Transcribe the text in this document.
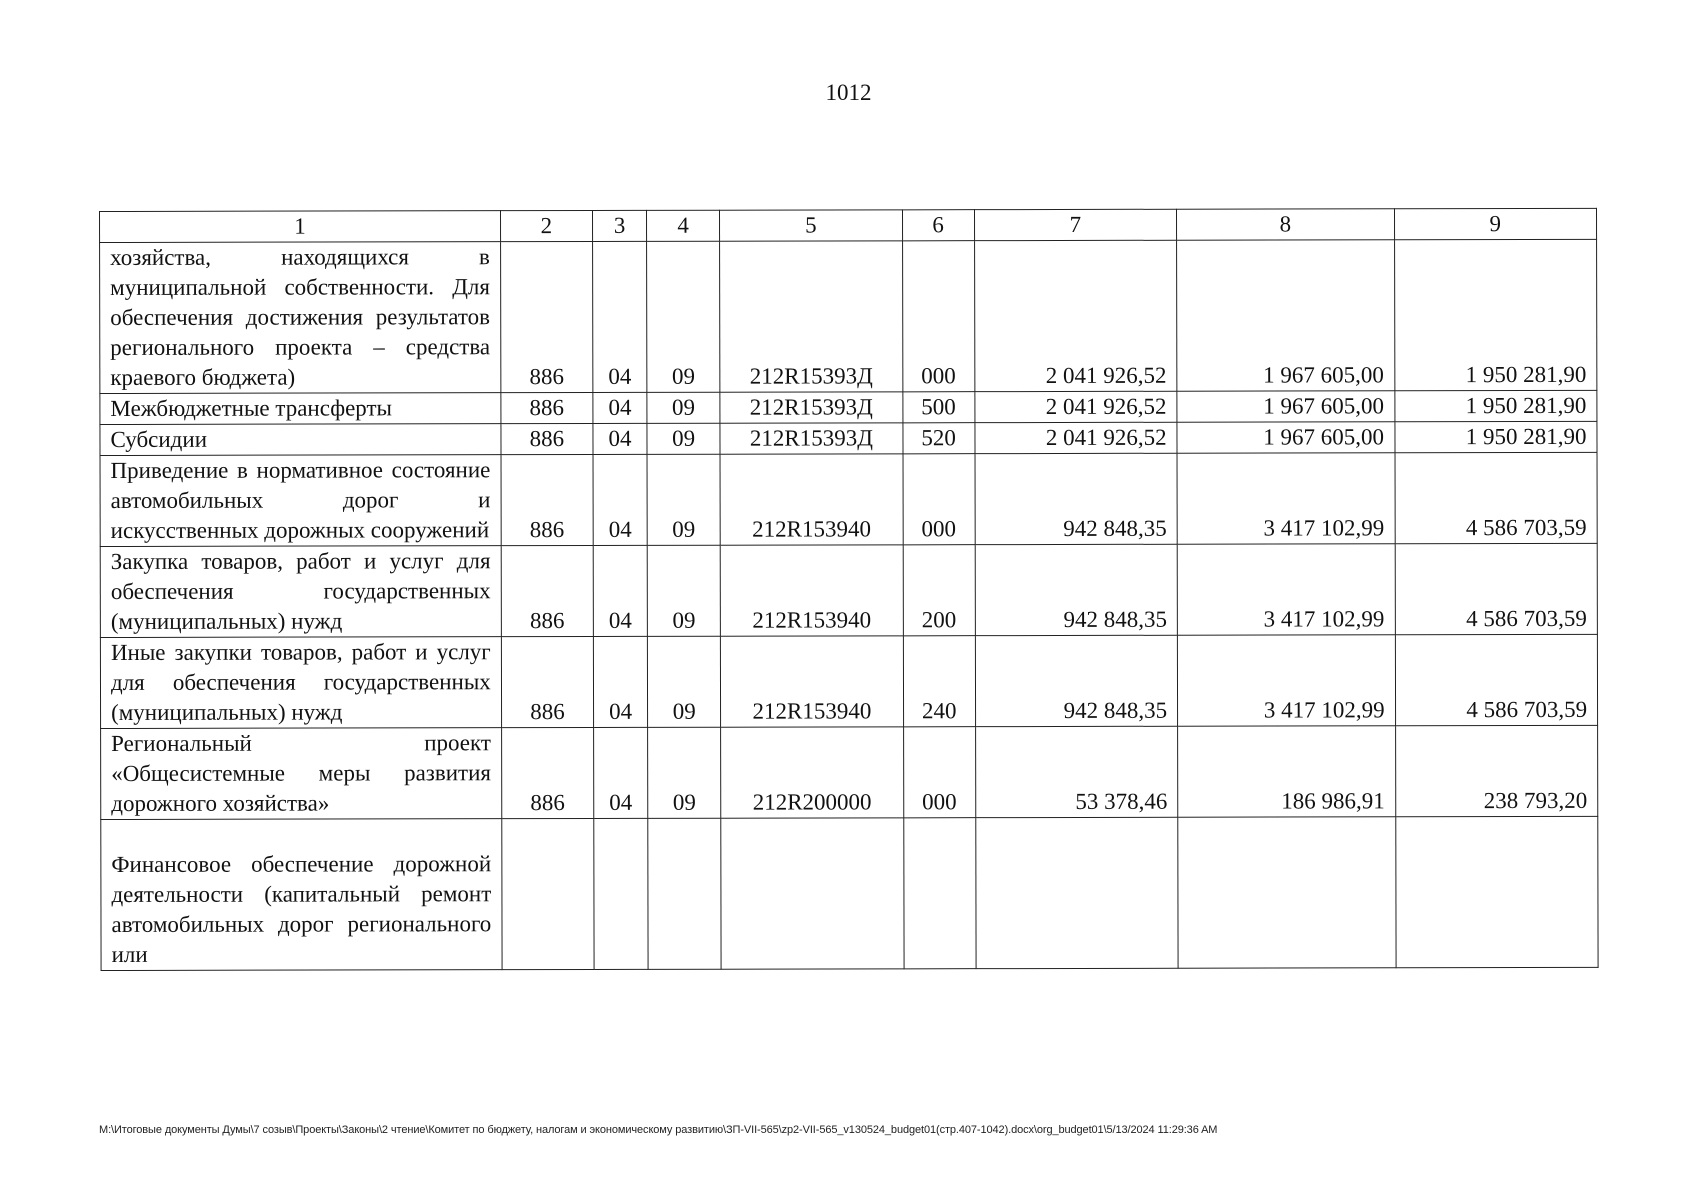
1012
1	2	3	4	5	6	7	8	9
хозяйства, находящихся в муниципальной собственности. Для обеспечения достижения результатов регионального проекта – средства краевого бюджета)	886	04	09	212R15393Д	000	2 041 926,52	1 967 605,00	1 950 281,90
Межбюджетные трансферты	886	04	09	212R15393Д	500	2 041 926,52	1 967 605,00	1 950 281,90
Субсидии	886	04	09	212R15393Д	520	2 041 926,52	1 967 605,00	1 950 281,90
Приведение в нормативное состояние автомобильных дорог и искусственных дорожных сооружений	886	04	09	212R153940	000	942 848,35	3 417 102,99	4 586 703,59
Закупка товаров, работ и услуг для обеспечения государственных (муниципальных) нужд	886	04	09	212R153940	200	942 848,35	3 417 102,99	4 586 703,59
Иные закупки товаров, работ и услуг для обеспечения государственных (муниципальных) нужд	886	04	09	212R153940	240	942 848,35	3 417 102,99	4 586 703,59
Региональный проект «Общесистемные меры развития дорожного хозяйства»	886	04	09	212R200000	000	53 378,46	186 986,91	238 793,20
Финансовое обеспечение дорожной деятельности (капитальный ремонт автомобильных дорог регионального или								
М:\Итоговые документы Думы\7 созыв\Проекты\Законы\2 чтение\Комитет по бюджету, налогам и экономическому развитию\ЗП-VII-565\zp2-VII-565_v130524_budget01(стр.407-1042).docx\org_budget01\5/13/2024 11:29:36 AM
